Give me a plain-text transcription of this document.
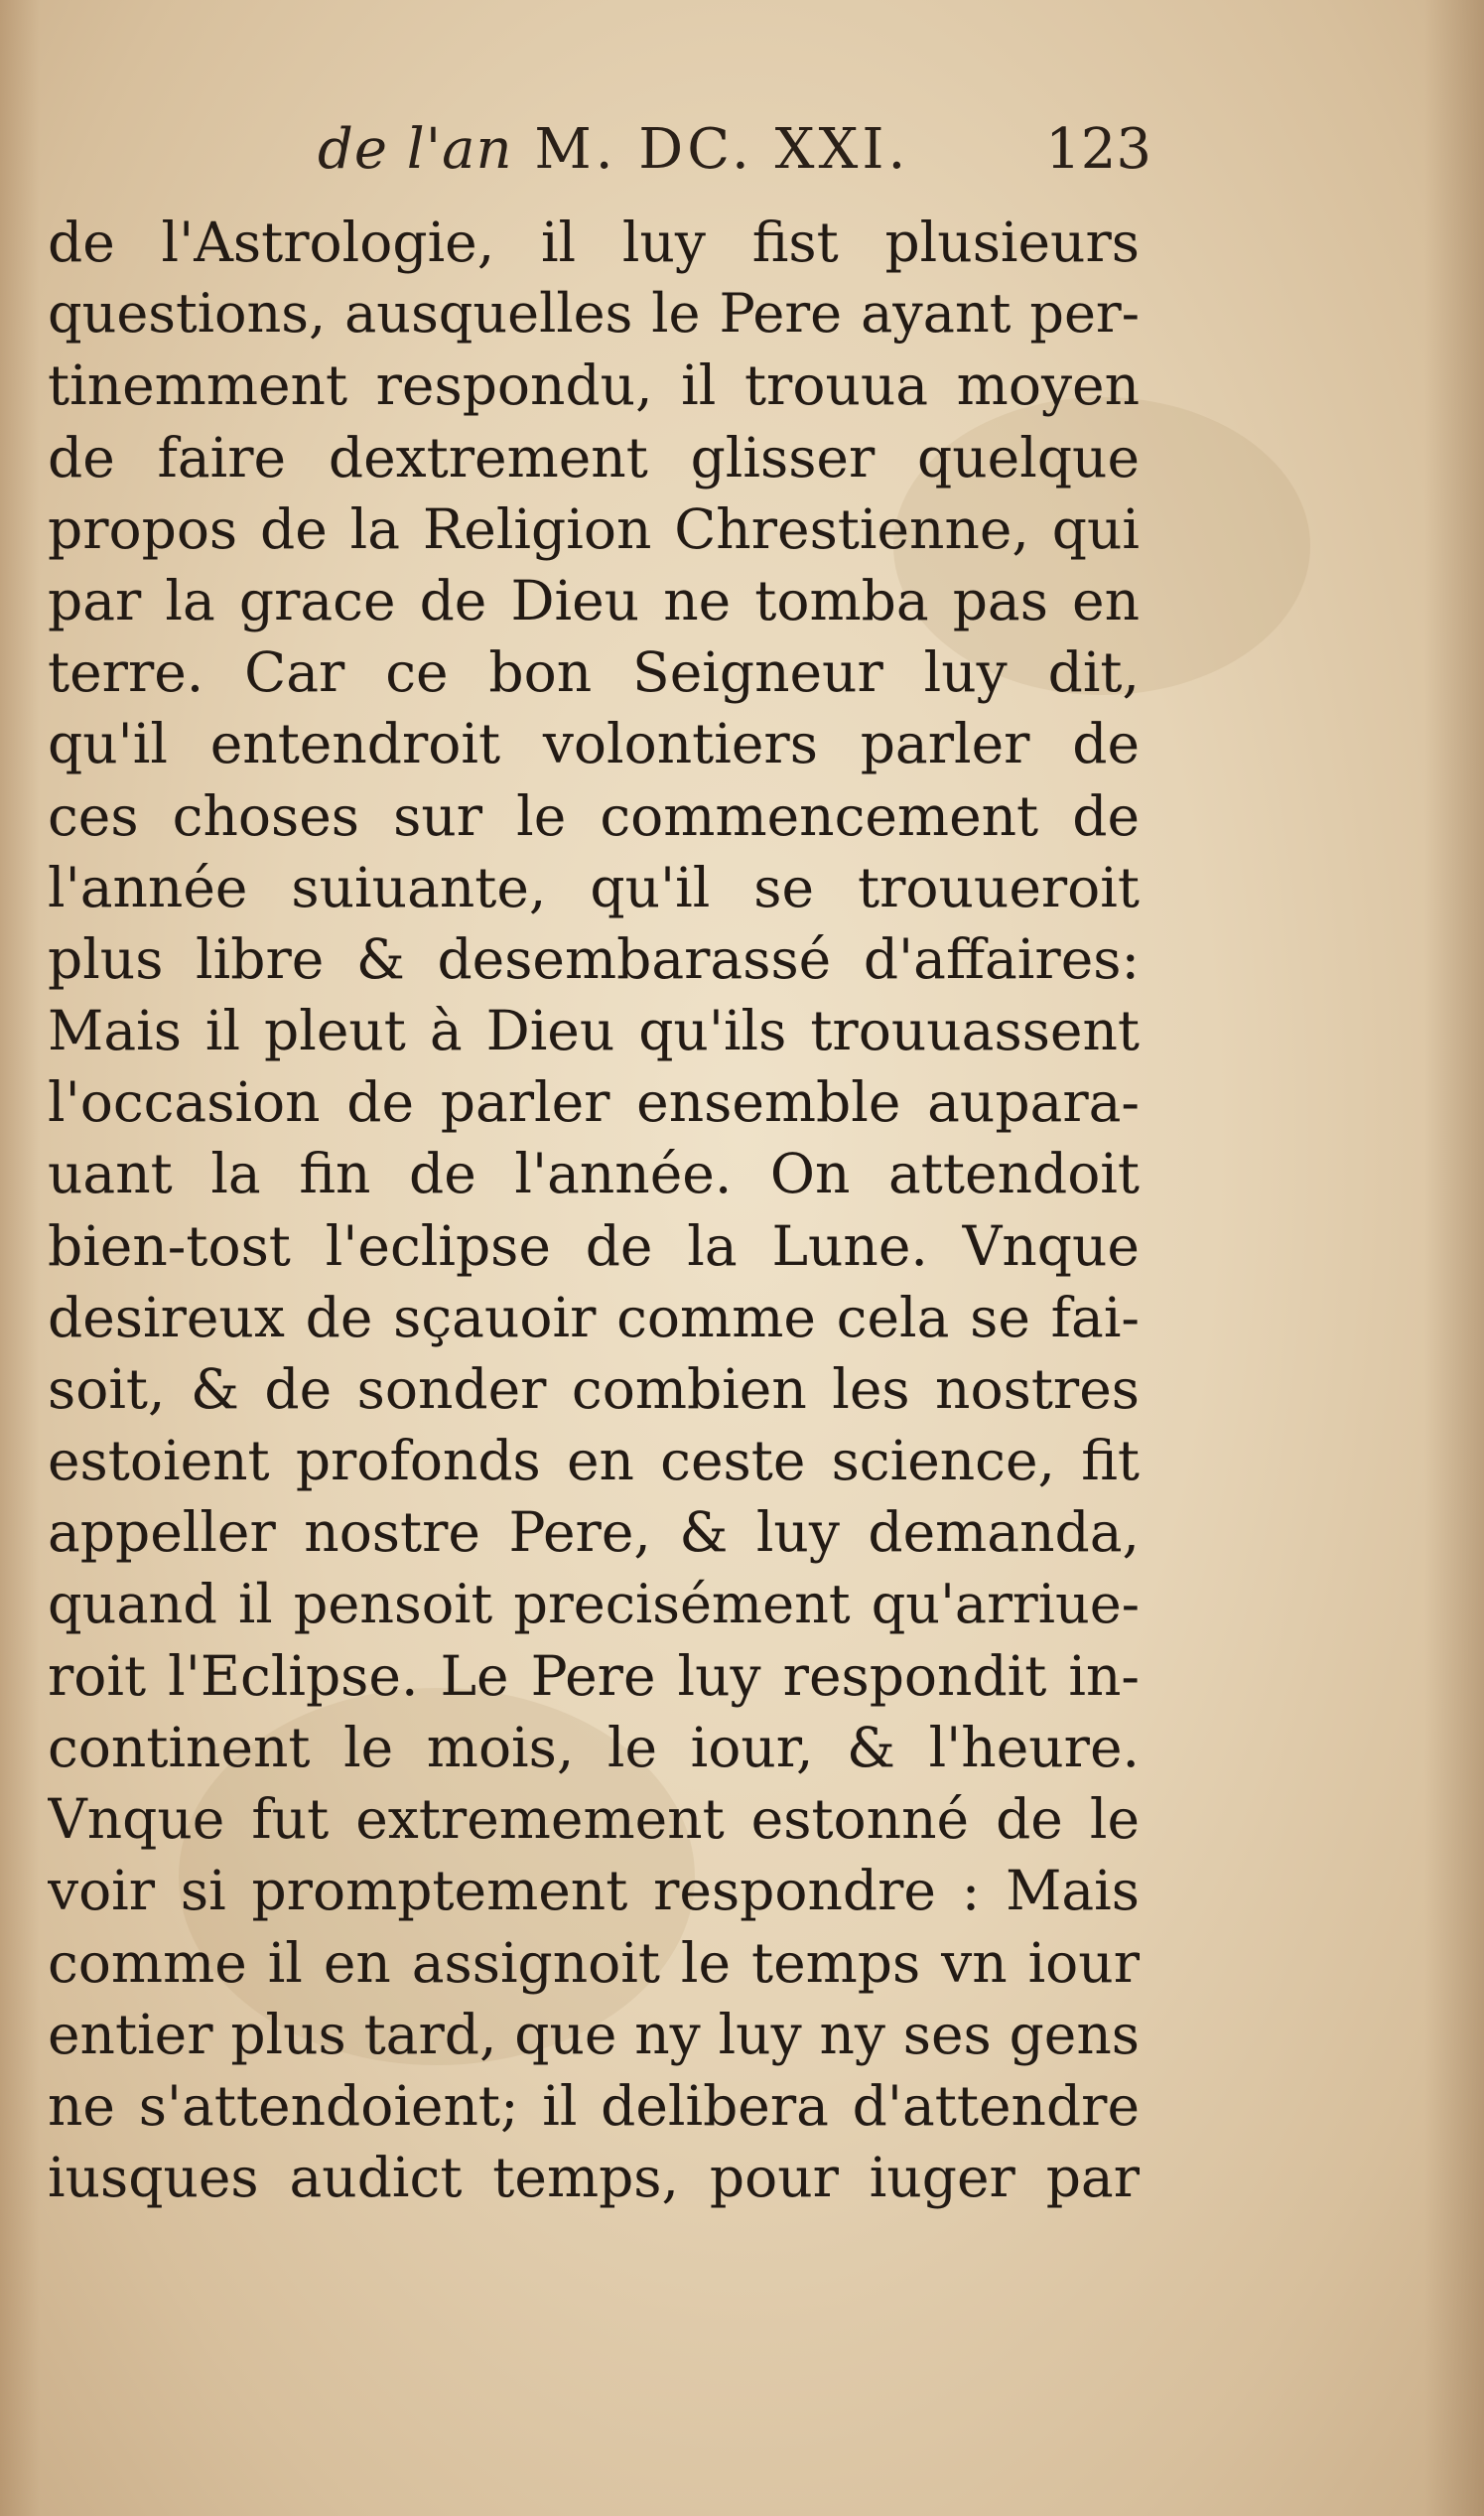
de l'an M. DC. XXI. 123
de l'Astrologie, il luy fist plusieurs
questions, ausquelles le Pere ayant per-
tinemment respondu, il trouua moyen
de faire dextrement glisser quelque
propos de la Religion Chrestienne, qui
par la grace de Dieu ne tomba pas en
terre. Car ce bon Seigneur luy dit,
qu'il entendroit volontiers parler de
ces choses sur le commencement de
l'année suiuante, qu'il se trouueroit
plus libre & desembarassé d'affaires:
Mais il pleut à Dieu qu'ils trouuassent
l'occasion de parler ensemble aupara-
uant la fin de l'année. On attendoit
bien-tost l'eclipse de la Lune. Vnque
desireux de sçauoir comme cela se fai-
soit, & de sonder combien les nostres
estoient profonds en ceste science, fit
appeller nostre Pere, & luy demanda,
quand il pensoit precisément qu'arriue-
roit l'Eclipse. Le Pere luy respondit in-
continent le mois, le iour, & l'heure.
Vnque fut extremement estonné de le
voir si promptement respondre : Mais
comme il en assignoit le temps vn iour
entier plus tard, que ny luy ny ses gens
ne s'attendoient; il delibera d'attendre
iusques audict temps, pour iuger par
